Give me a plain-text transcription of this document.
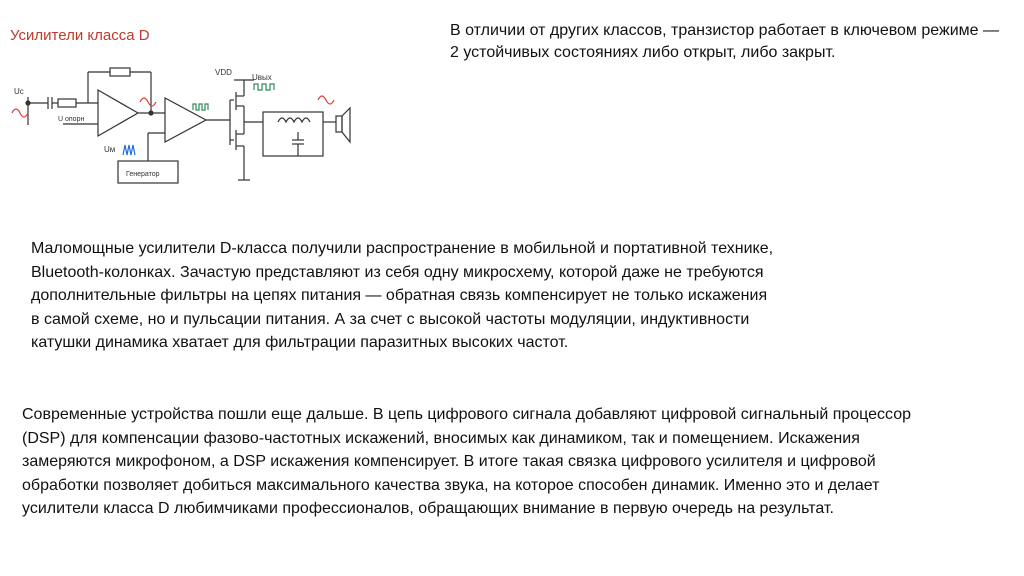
Усилители класса D	В отличии от других классов, транзистор работает в ключевом режиме — 2 устойчивых состояниях либо открыт, либо закрыт.
VDD
Uвых
Uc
U опорн
Uм
Генератор
Маломощные усилители D-класса получили распространение в мобильной и портативной технике,
Bluetooth-колонках. Зачастую представляют из себя одну микросхему, которой даже не требуются
дополнительные фильтры на цепях питания — обратная связь компенсирует не только искажения
в самой схеме, но и пульсации питания. А за счет с высокой частоты модуляции, индуктивности
катушки динамика хватает для фильтрации паразитных высоких частот.
Современные устройства пошли еще дальше. В цепь цифрового сигнала добавляют цифровой сигнальный процессор
(DSP) для компенсации фазово-частотных искажений, вносимых как динамиком, так и помещением. Искажения
замеряются микрофоном, а DSP искажения компенсирует. В итоге такая связка цифрового усилителя и цифровой
обработки позволяет добиться максимального качества звука, на которое способен динамик. Именно это и делает
усилители класса D любимчиками профессионалов, обращающих внимание в первую очередь на результат.
